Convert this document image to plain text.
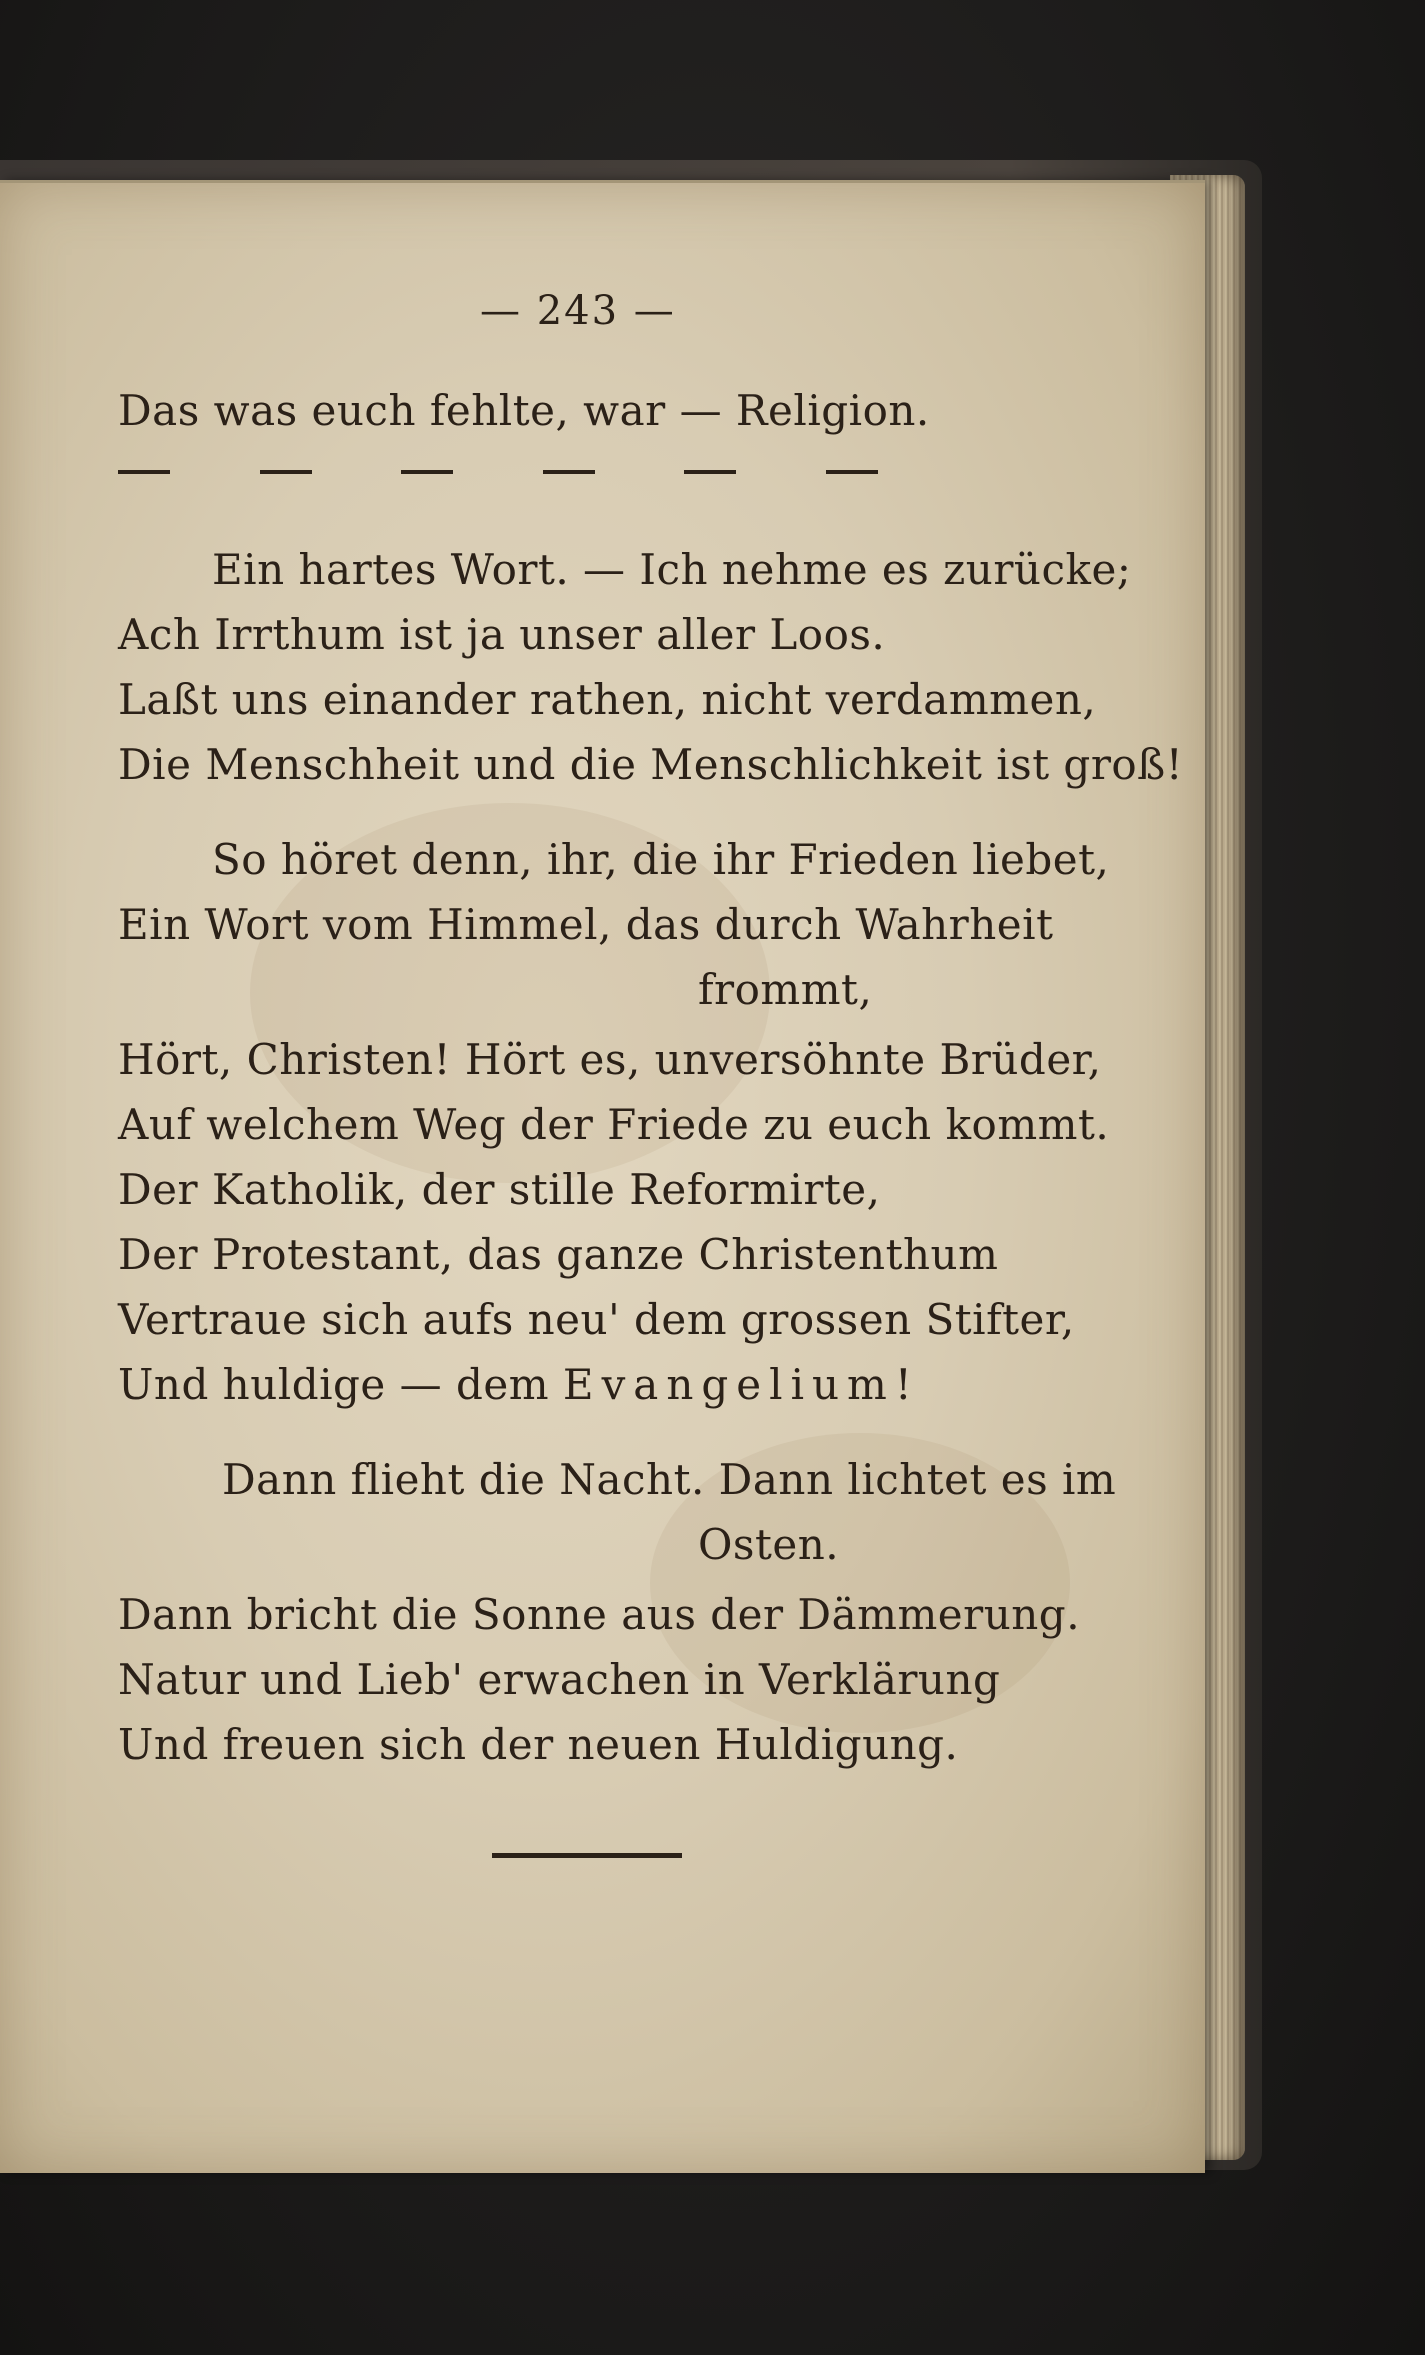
— 243 —
Das was euch fehlte, war — Religion.
Ein hartes Wort. — Ich nehme es zurücke;
Ach Irrthum ist ja unser aller Loos.
Laßt uns einander rathen, nicht verdammen,
Die Menschheit und die Menschlichkeit ist groß!
So höret denn, ihr, die ihr Frieden liebet,
Ein Wort vom Himmel, das durch Wahrheit
frommt,
Hört, Christen! Hört es, unversöhnte Brüder,
Auf welchem Weg der Friede zu euch kommt.
Der Katholik, der stille Reformirte,
Der Protestant, das ganze Christenthum
Vertraue sich aufs neu' dem grossen Stifter,
Und huldige — dem Evangelium!
Dann flieht die Nacht. Dann lichtet es im
Osten.
Dann bricht die Sonne aus der Dämmerung.
Natur und Lieb' erwachen in Verklärung
Und freuen sich der neuen Huldigung.
